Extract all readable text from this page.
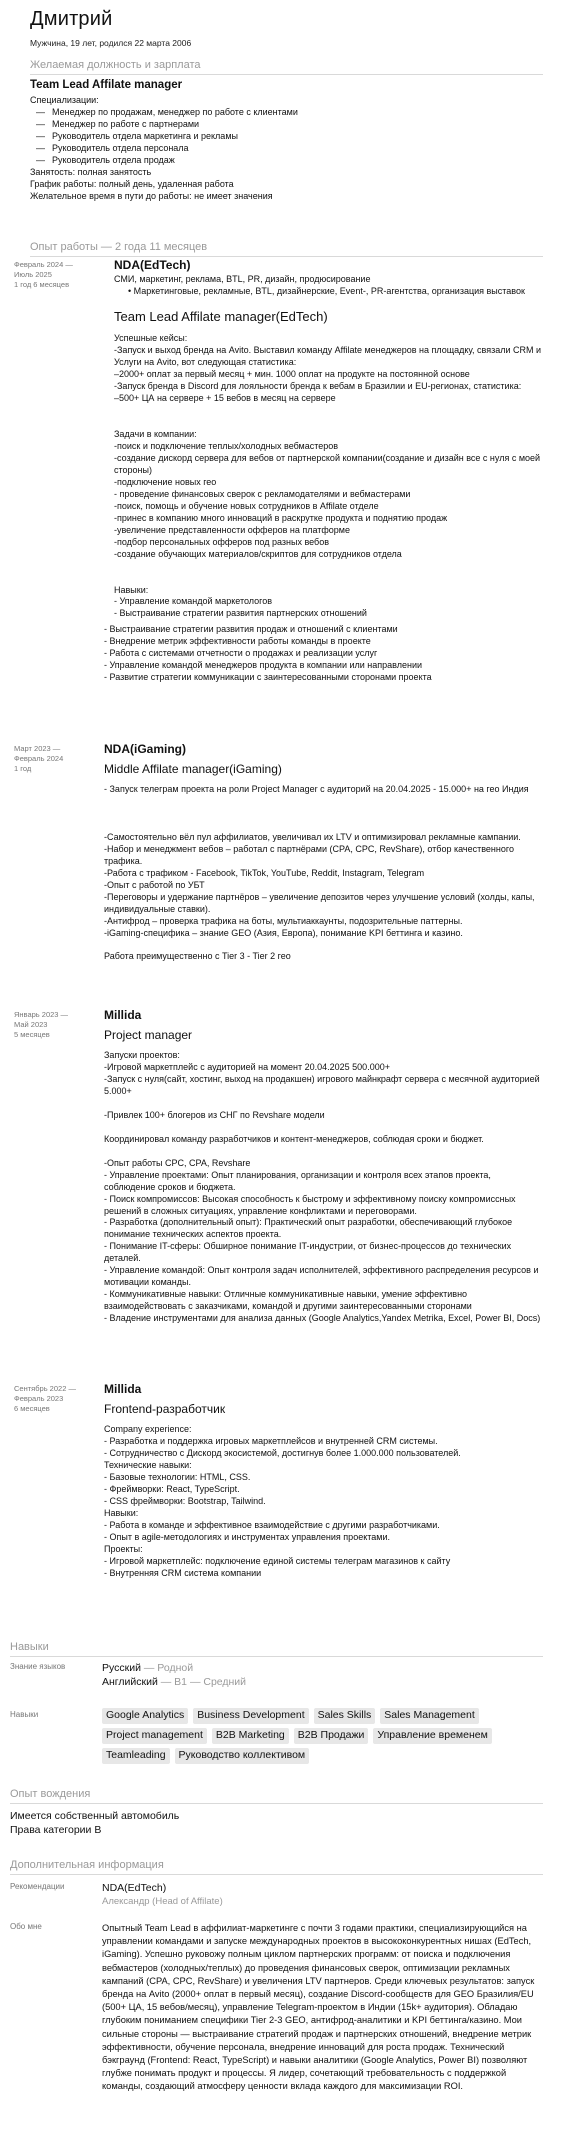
Дмитрий
Мужчина, 19 лет, родился 22 марта 2006
Желаемая должность и зарплата
Team Lead Affilate manager
Специализации:
— Менеджер по продажам, менеджер по работе с клиентами
— Менеджер по работе с партнерами
— Руководитель отдела маркетинга и рекламы
— Руководитель отдела персонала
— Руководитель отдела продаж
Занятость: полная занятость
График работы: полный день, удаленная работа
Желательное время в пути до работы: не имеет значения
Опыт работы — 2 года 11 месяцев
Февраль 2024 —
Июль 2025
1 год 6 месяцев
NDA(EdTech)
СМИ, маркетинг, реклама, BTL, PR, дизайн, продюсирование
• Маркетинговые, рекламные, BTL, дизайнерские, Event-, PR-агентства, организация выставок
Team Lead Affilate manager(EdTech)

Успешные кейсы:
-Запуск и выход бренда на Avito. Выставил команду Affilate менеджеров на площадку, связали CRM и Услуги на Avito, вот следующая статистика:
–2000+ оплат за первый месяц + мин. 1000 оплат на продукте на постоянной основе
-Запуск бренда в Discord для лояльности бренда к вебам в Бразилии и EU-регионах, статистика:
–500+ ЦА на сервере + 15 вебов в месяц на сервере

Задачи в компании:
-поиск и подключение теплых/холодных вебмастеров
-создание дискорд сервера для вебов от партнерской компании(создание и дизайн все с нуля с моей стороны)
-подключение новых гео
- проведение финансовых сверок с рекламодателями и вебмастерами
-поиск, помощь и обучение новых сотрудников в Affilate отделе
-принес в компанию много инноваций в раскрутке продукта и поднятию продаж
-увеличение представленности офферов на платформе
-подбор персональных офферов под разных вебов
-создание обучающих материалов/скриптов для сотрудников отдела

Навыки:
- Управление командой маркетологов
- Выстраивание стратегии развития партнерских отношений

- Выстраивание стратегии развития продаж и отношений с клиентами
- Внедрение метрик эффективности работы команды в проекте
- Работа с системами отчетности о продажах и реализации услуг
- Управление командой менеджеров продукта в компании или направлении
- Развитие стратегии коммуникации с заинтересованными сторонами проекта

Март 2023 —
Февраль 2024
1 год
NDA(iGaming)
Middle Affilate manager(iGaming)

- Запуск телеграм проекта на роли Project Manager с аудиторий на 20.04.2025 - 15.000+ на гео Индия

-Самостоятельно вёл пул аффилиатов, увеличивал их LTV и оптимизировал рекламные кампании.
-Набор и менеджмент вебов – работал с партнёрами (CPA, CPC, RevShare), отбор качественного трафика.
-Работа с трафиком - Facebook, TikTok, YouTube, Reddit, Instagram, Telegram
-Опыт с работой по УБТ
-Переговоры и удержание партнёров – увеличение депозитов через улучшение условий (холды, капы, индивидуальные ставки).
-Антифрод – проверка трафика на боты, мультиаккаунты, подозрительные паттерны.
-iGaming-специфика – знание GEO (Азия, Европа), понимание KPI беттинга и казино.

Работа преимущественно с Tier 3 - Tier 2 гео

Январь 2023 —
Май 2023
5 месяцев
Millida
Project manager

Запуски проектов:
-Игровой маркетплейс с аудиторией на момент 20.04.2025 500.000+
-Запуск с нуля(сайт, хостинг, выход на продакшен) игрового майнкрафт сервера с месячной аудиторией 5.000+

-Привлек 100+ блогеров из СНГ по Revshare модели

Координировал команду разработчиков и контент-менеджеров, соблюдая сроки и бюджет.

-Опыт работы CPC, CPA, Revshare
- Управление проектами: Опыт планирования, организации и контроля всех этапов проекта, соблюдение сроков и бюджета.
- Поиск компромиссов: Высокая способность к быстрому и эффективному поиску компромиссных решений в сложных ситуациях, управление конфликтами и переговорами.
- Разработка (дополнительный опыт): Практический опыт разработки, обеспечивающий глубокое понимание технических аспектов проекта.
- Понимание IT-сферы: Обширное понимание IT-индустрии, от бизнес-процессов до технических деталей.
- Управление командой: Опыт контроля задач исполнителей, эффективного распределения ресурсов и мотивации команды.
- Коммуникативные навыки: Отличные коммуникативные навыки, умение эффективно взаимодействовать с заказчиками, командой и другими заинтересованными сторонами
- Владение инструментами для анализа данных (Google Analytics,Yandex Metrika, Excel, Power BI, Docs)

Сентябрь 2022 —
Февраль 2023
6 месяцев
Millida
Frontend-разработчик

Company experience:
- Разработка и поддержка игровых маркетплейсов и внутренней CRM системы.
- Сотрудничество с Дискорд экосистемой, достигнув более 1.000.000 пользователей.
Технические навыки:
- Базовые технологии: HTML, CSS.
- Фреймворки: React, TypeScript.
- CSS фреймворки: Bootstrap, Tailwind.
Навыки:
- Работа в команде и эффективное взаимодействие с другими разработчиками.
- Опыт в agile-методологиях и инструментах управления проектами.
Проекты:
- Игровой маркетплейс: подключение единой системы телеграм магазинов к сайту
- Внутренняя CRM система компании

Навыки
Знание языков	Русский — Родной
Английский — B1 — Средний
Навыки	Google Analytics Business Development Sales Skills Sales ManagementProject management B2B Marketing B2B Продажи Управление временемTeamleading Руководство коллективом
Опыт вождения
Имеется собственный автомобиль
Права категории B
Дополнительная информация
Рекомендации	NDA(EdTech)
Александр (Head of Affilate)
Обо мне	Опытный Team Lead в аффилиат-маркетинге с почти 3 годами практики, специализирующийся на управлении командами и запуске международных проектов в высококонкурентных нишах (EdTech, iGaming). Успешно руковожу полным циклом партнерских программ: от поиска и подключения вебмастеров (холодных/теплых) до проведения финансовых сверок, оптимизации рекламных кампаний (CPA, CPC, RevShare) и увеличения LTV партнеров. Среди ключевых результатов: запуск бренда на Avito (2000+ оплат в первый месяц), создание Discord-сообществ для GEO Бразилия/EU (500+ ЦА, 15 вебов/месяц), управление Telegram-проектом в Индии (15k+ аудитория). Обладаю глубоким пониманием специфики Tier 2-3 GEO, антифрод-аналитики и KPI беттинга/казино. Мои сильные стороны — выстраивание стратегий продаж и партнерских отношений, внедрение метрик эффективности, обучение персонала, внедрение инноваций для роста продаж. Технический бэкграунд (Frontend: React, TypeScript) и навыки аналитики (Google Analytics, Power BI) позволяют глубже понимать продукт и процессы. Я лидер, сочетающий требовательность с поддержкой команды, создающий атмосферу ценности вклада каждого для максимизации ROI.
